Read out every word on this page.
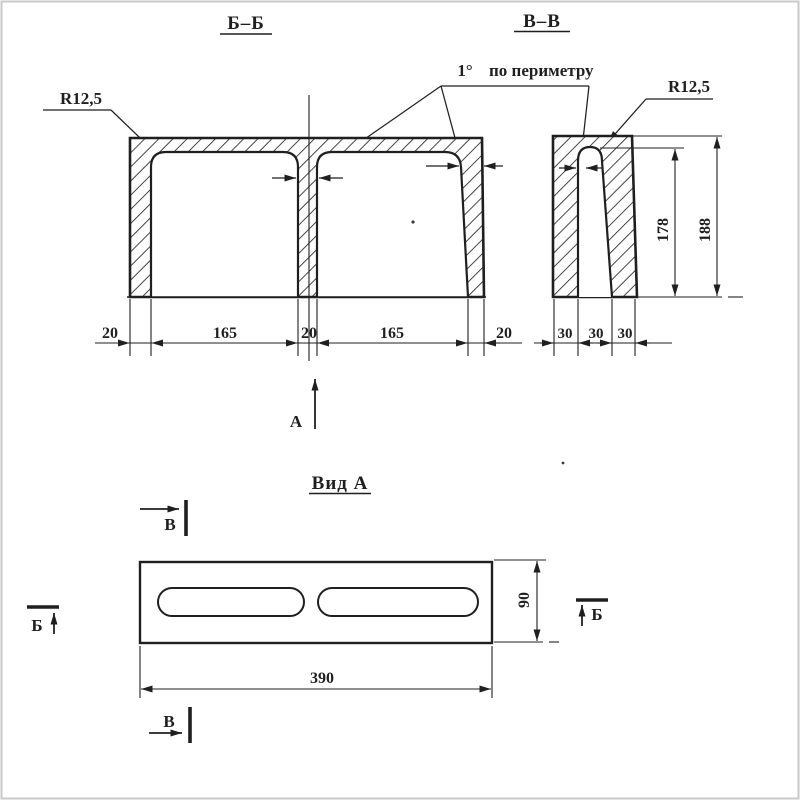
Б–Б	В–В
Вид А
1° по периметру
R12,5
R12,5
20	165	20	165	20
178 188
30 30 30
390
90
А
Б
Б
В
В
